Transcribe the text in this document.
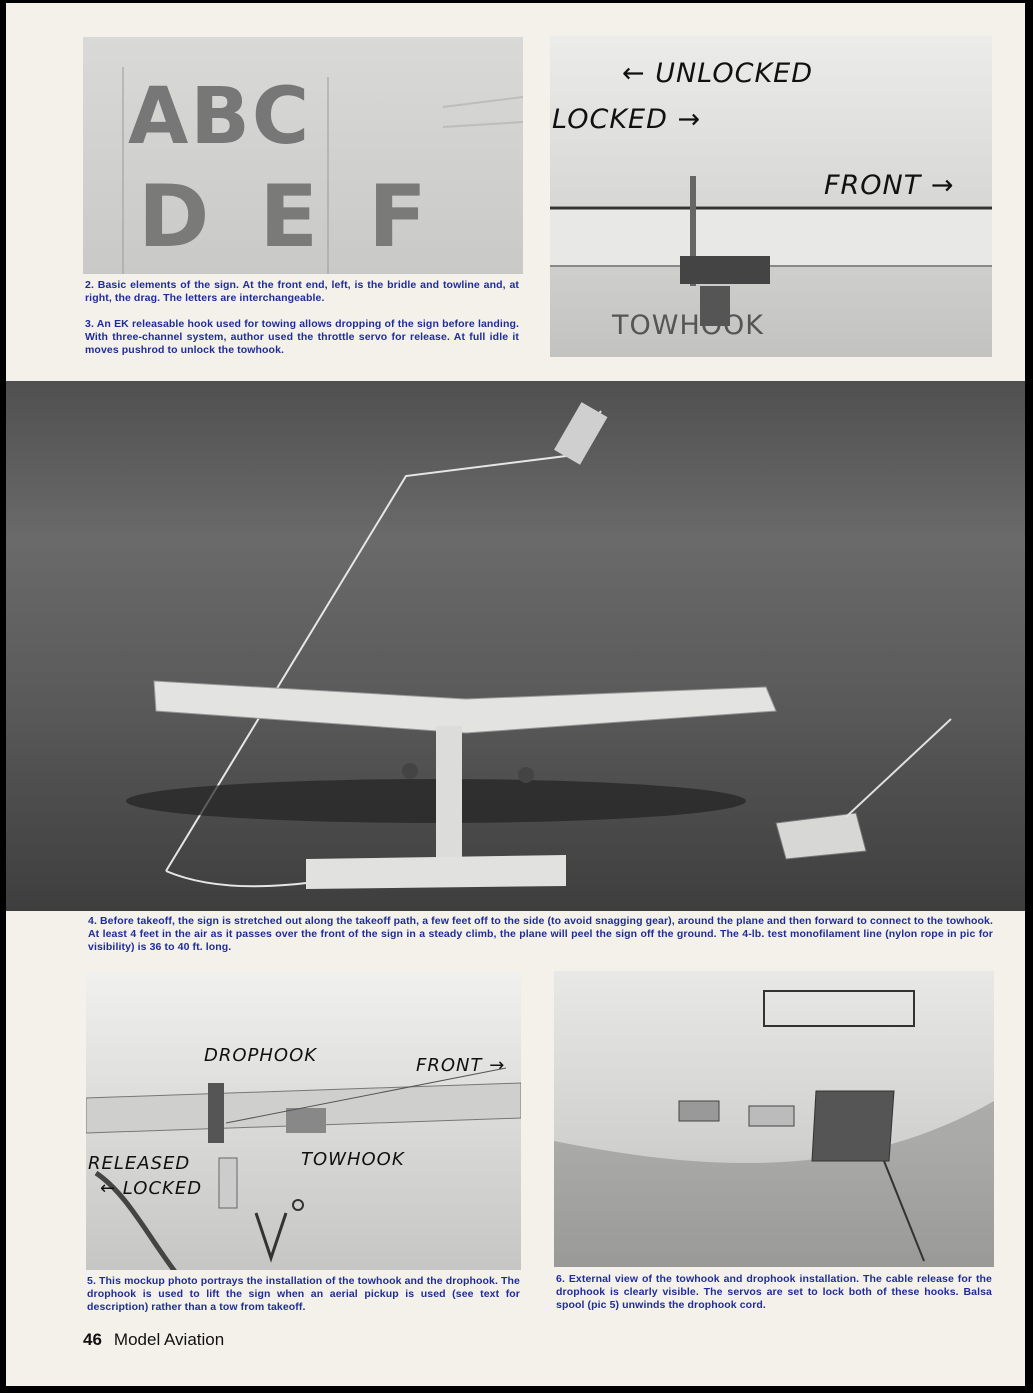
ABC
DEF
2. Basic elements of the sign. At the front end, left, is the bridle and towline and, at right, the drag. The letters are interchangeable.
3. An EK releasable hook used for towing allows dropping of the sign before landing. With three-channel system, author used the throttle servo for release. At full idle it moves pushrod to unlock the towhook.
← UNLOCKED
LOCKED →
FRONT →
TOWHOOK
4. Before takeoff, the sign is stretched out along the takeoff path, a few feet off to the side (to avoid snagging gear), around the plane and then forward to connect to the towhook. At least 4 feet in the air as it passes over the front of the sign in a steady climb, the plane will peel the sign off the ground. The 4-lb. test monofilament line (nylon rope in pic for visibility) is 36 to 40 ft. long.
DROPHOOK	FRONT →
RELEASED
← LOCKED
TOWHOOK
5. This mockup photo portrays the installation of the towhook and the drophook. The drophook is used to lift the sign when an aerial pickup is used (see text for description) rather than a tow from takeoff.
6. External view of the towhook and drophook installation. The cable release for the drophook is clearly visible. The servos are set to lock both of these hooks. Balsa spool (pic 5) unwinds the drophook cord.
46 Model Aviation
